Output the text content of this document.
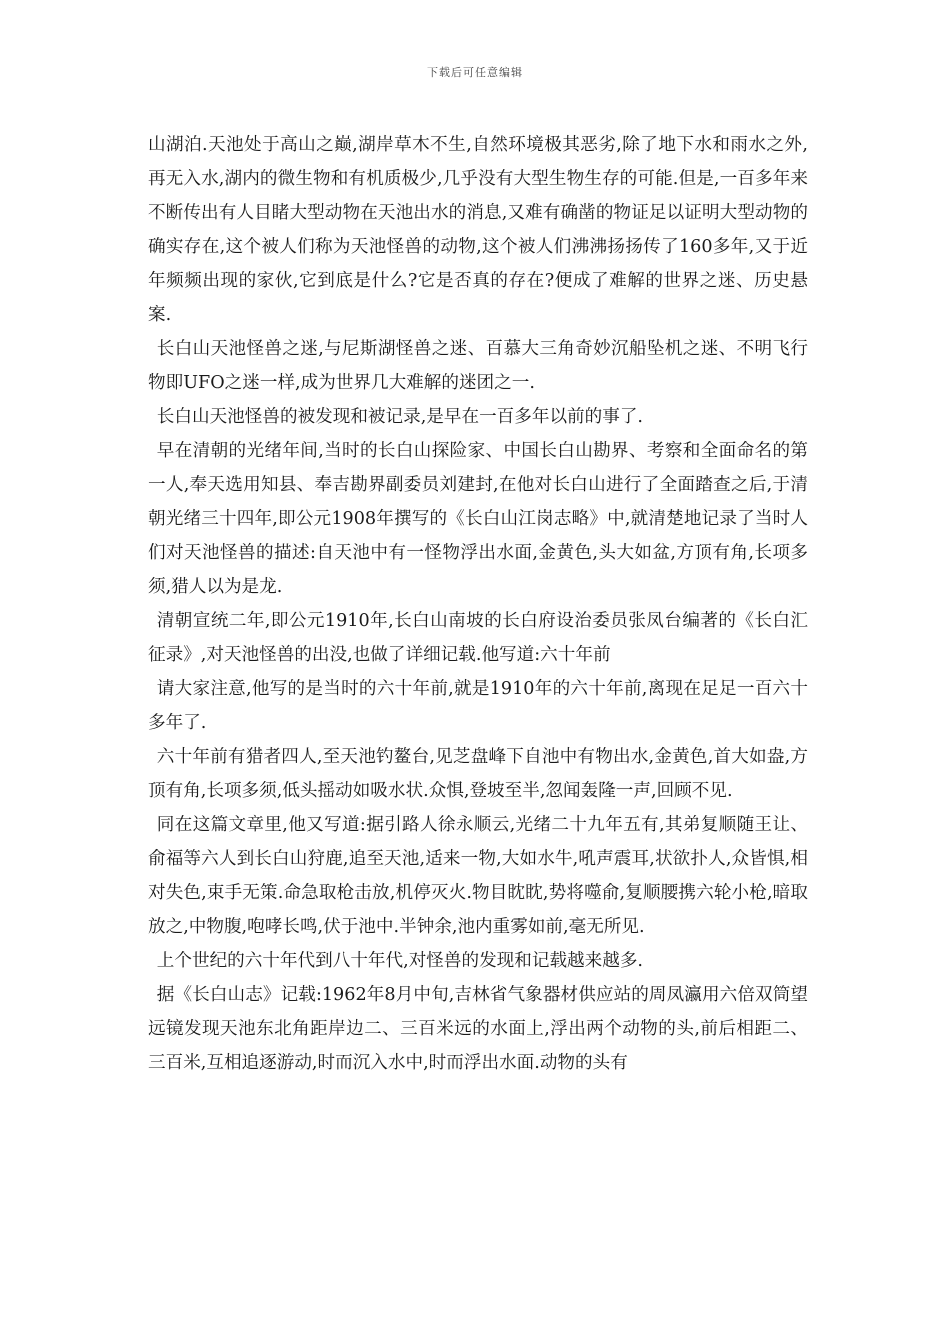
下载后可任意编辑

山湖泊.天池处于高山之巅,湖岸草木不生,自然环境极其恶劣,除了地下水和雨水之外,再无入水,湖内的微生物和有机质极少,几乎没有大型生物生存的可能.但是,一百多年来不断传出有人目睹大型动物在天池出水的消息,又难有确凿的物证足以证明大型动物的确实存在,这个被人们称为天池怪兽的动物,这个被人们沸沸扬扬传了160多年,又于近年频频出现的家伙,它到底是什么?它是否真的存在?便成了难解的世界之迷、历史悬案.

长白山天池怪兽之迷,与尼斯湖怪兽之迷、百慕大三角奇妙沉船坠机之迷、不明飞行物即UFO之迷一样,成为世界几大难解的迷团之一.

长白山天池怪兽的被发现和被记录,是早在一百多年以前的事了.

早在清朝的光绪年间,当时的长白山探险家、中国长白山勘界、考察和全面命名的第一人,奉天选用知县、奉吉勘界副委员刘建封,在他对长白山进行了全面踏查之后,于清朝光绪三十四年,即公元1908年撰写的《长白山江岗志略》中,就清楚地记录了当时人们对天池怪兽的描述:自天池中有一怪物浮出水面,金黄色,头大如盆,方顶有角,长项多须,猎人以为是龙.

清朝宣统二年,即公元1910年,长白山南坡的长白府设治委员张凤台编著的《长白汇征录》,对天池怪兽的出没,也做了详细记载.他写道:六十年前

请大家注意,他写的是当时的六十年前,就是1910年的六十年前,离现在足足一百六十多年了.

六十年前有猎者四人,至天池钓鳌台,见芝盘峰下自池中有物出水,金黄色,首大如盎,方顶有角,长项多须,低头摇动如吸水状.众惧,登坡至半,忽闻轰隆一声,回顾不见.

同在这篇文章里,他又写道:据引路人徐永顺云,光绪二十九年五有,其弟复顺随王让、俞福等六人到长白山狩鹿,追至天池,适来一物,大如水牛,吼声震耳,状欲扑人,众皆惧,相对失色,束手无策.命急取枪击放,机停灭火.物目眈眈,势将噬俞,复顺腰携六轮小枪,暗取放之,中物腹,咆哮长鸣,伏于池中.半钟余,池内重雾如前,毫无所见.

上个世纪的六十年代到八十年代,对怪兽的发现和记载越来越多.

据《长白山志》记载:1962年8月中旬,吉林省气象器材供应站的周凤瀛用六倍双筒望远镜发现天池东北角距岸边二、三百米远的水面上,浮出两个动物的头,前后相距二、三百米,互相追逐游动,时而沉入水中,时而浮出水面.动物的头有
